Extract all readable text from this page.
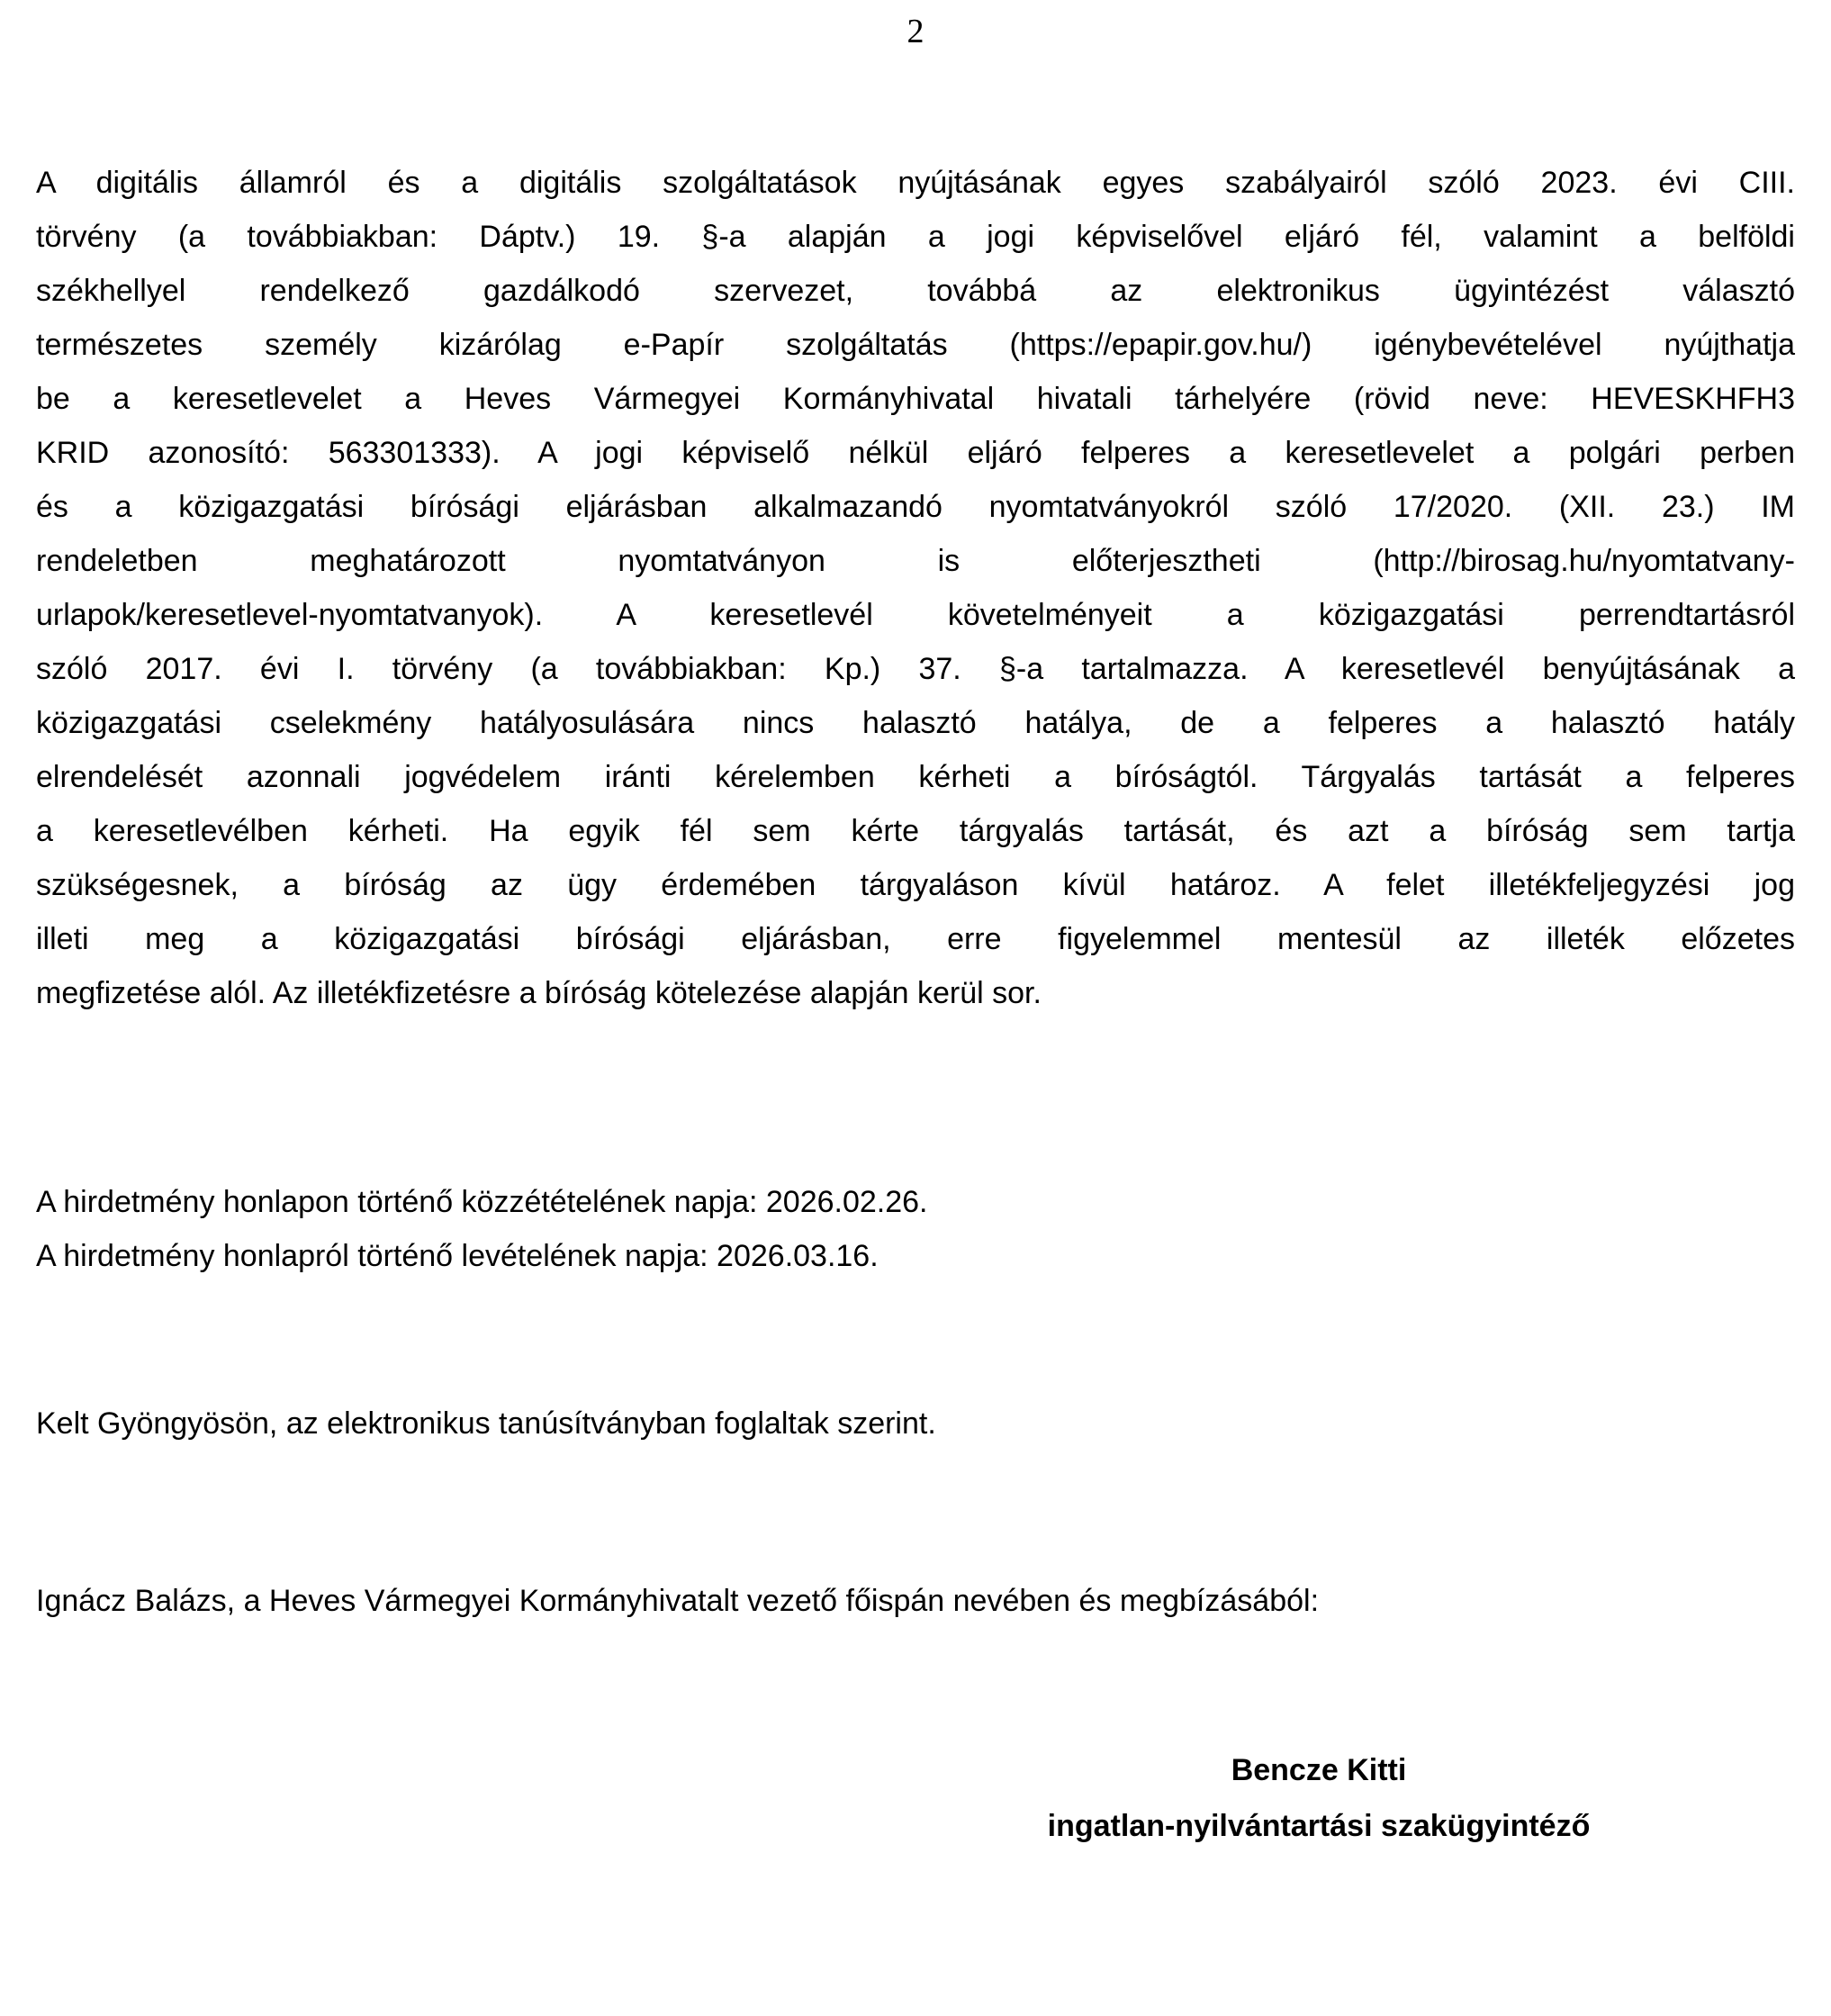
2
A digitális államról és a digitális szolgáltatások nyújtásának egyes szabályairól szóló 2023. évi CIII.
törvény (a továbbiakban: Dáptv.) 19. §-a alapján a jogi képviselővel eljáró fél, valamint a belföldi
székhellyel rendelkező gazdálkodó szervezet, továbbá az elektronikus ügyintézést választó
természetes személy kizárólag e-Papír szolgáltatás (https://epapir.gov.hu/) igénybevételével nyújthatja
be a keresetlevelet a Heves Vármegyei Kormányhivatal hivatali tárhelyére (rövid neve: HEVESKHFH3
KRID azonosító: 563301333). A jogi képviselő nélkül eljáró felperes a keresetlevelet a polgári perben
és a közigazgatási bírósági eljárásban alkalmazandó nyomtatványokról szóló 17/2020. (XII. 23.) IM
rendeletben meghatározott nyomtatványon is előterjesztheti (http://birosag.hu/nyomtatvany-
urlapok/keresetlevel-nyomtatvanyok). A keresetlevél követelményeit a közigazgatási perrendtartásról
szóló 2017. évi I. törvény (a továbbiakban: Kp.) 37. §-a tartalmazza. A keresetlevél benyújtásának a
közigazgatási cselekmény hatályosulására nincs halasztó hatálya, de a felperes a halasztó hatály
elrendelését azonnali jogvédelem iránti kérelemben kérheti a bíróságtól. Tárgyalás tartását a felperes
a keresetlevélben kérheti. Ha egyik fél sem kérte tárgyalás tartását, és azt a bíróság sem tartja
szükségesnek, a bíróság az ügy érdemében tárgyaláson kívül határoz. A felet illetékfeljegyzési jog
illeti meg a közigazgatási bírósági eljárásban, erre figyelemmel mentesül az illeték előzetes
megfizetése alól. Az illetékfizetésre a bíróság kötelezése alapján kerül sor.
A hirdetmény honlapon történő közzétételének napja: 2026.02.26.
A hirdetmény honlapról történő levételének napja: 2026.03.16.
Kelt Gyöngyösön, az elektronikus tanúsítványban foglaltak szerint.
Ignácz Balázs, a Heves Vármegyei Kormányhivatalt vezető főispán nevében és megbízásából:
Bencze Kitti
ingatlan-nyilvántartási szakügyintéző
